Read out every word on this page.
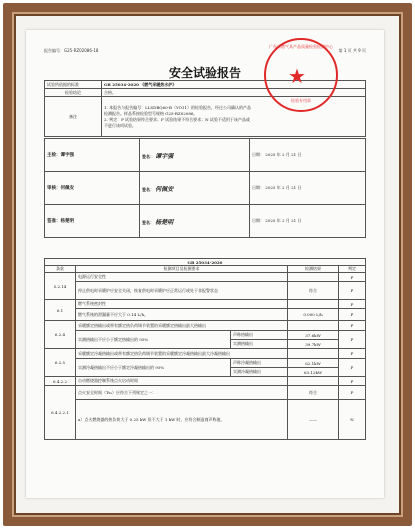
报告编号：G25-RZ02086-18	第 1 页 共 9 页
安全试验报告
试验所依据的标准	GB 25034-2020 《燃气采暖热水炉》
检验结论	合格。
备注	1. 本报告与报告编号：LLSDBQ60-B（YO11）的检验报告，经过公司确认的产品
检测报告。样品系按检验型号规格 G25-RZ02086。
2. 判定：P 试验结果符合要求；F 试验结果不符合要求；N 试验不适用于该产品或
不进行该项试验。
主检：谭宇强	签名： 谭宇强	日期： 2025 年 2 月 21 日
审核：何佩安	签名： 何佩安	日期： 2025 年 2 月 21 日
签准：杨楚明	签名： 杨楚明	日期： 2025 年 2 月 21 日
广东省燃气具产品质量检验检测中心
★
检验专用章
GB 25034-2020				
条款	检测项目及检测要求		检测结果	判定
5.2.14	电源运行安全性			P
	停止供电时采暖炉应安全关闭，恢复供电时采暖炉应正常运行或处于非报警状态		符合	P
6.1	燃气系统密封性			P
	燃气系统的泄漏量不应大于 0.14 L/h。		0.000 L/h	P
6.2.4	采暖额定热输出或带有额定热负荷调节装置的采暖额定热输出最大热输出			P
	实测热输出不应小于额定热输出的 95%	声称热输出	37.6kW	P
		实测热输出	39.7kW	
6.2.5	采暖额定冷凝热输出或带有额定热负荷调节装置的采暖额定冷凝热输出最大冷凝热输出			P
	实测冷凝热输出不应小于额定冷凝热输出的 95%	声称冷凝热输出	62.1kW	P
		实测冷凝热输出	63.12kW	
6.4.2.2	自动燃烧器控制系统点火启动时间			P
6.4.2.2.1	点火安全时间（Ts₃）应符合下列规定之一：		符合	P
	a）点火燃烧器的热负荷大于 0.25 kW 但不大于 1 kW 时，应符合制造商声称值。		——	N
